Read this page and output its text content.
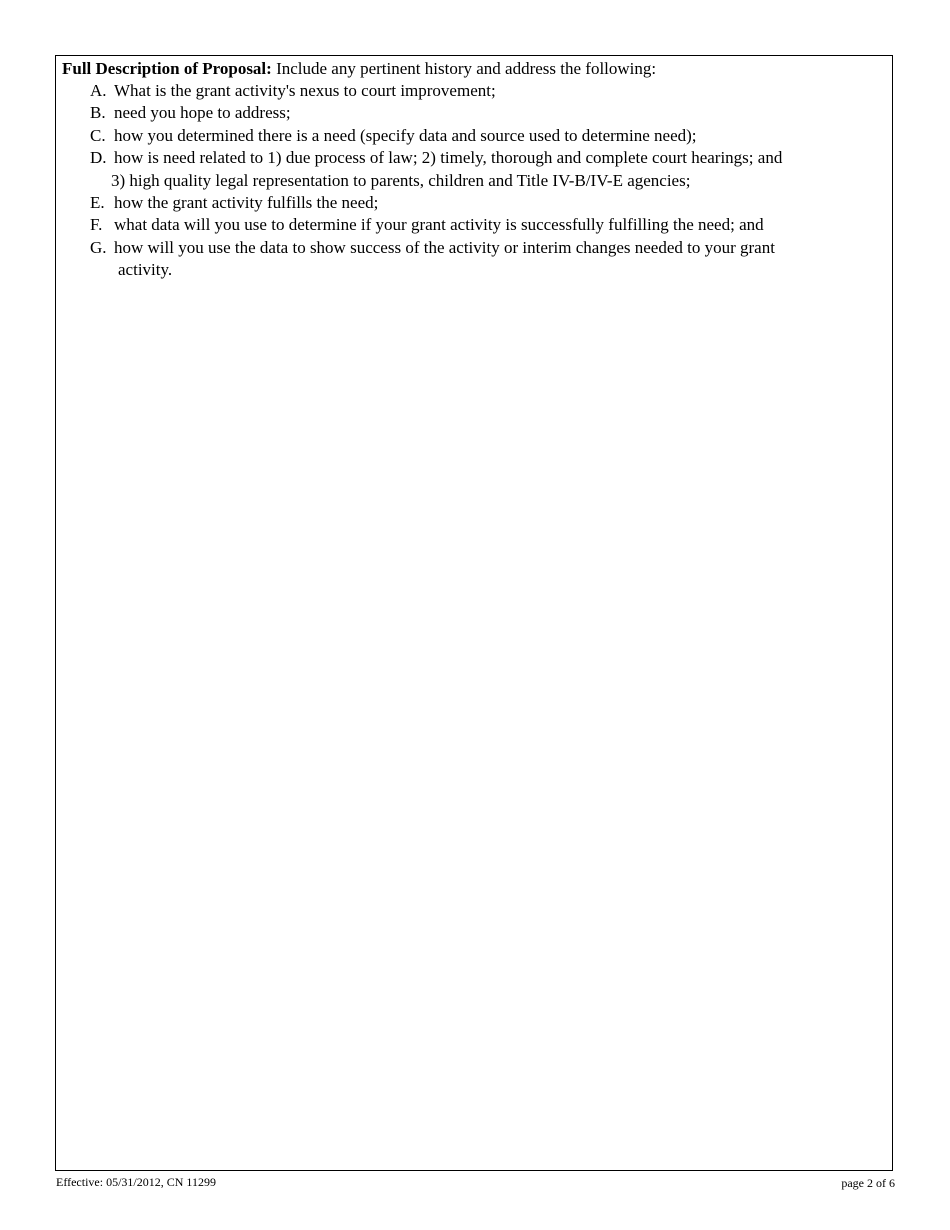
Full Description of Proposal: Include any pertinent history and address the following:

A. What is the grant activity's nexus to court improvement;
B. need you hope to address;
C. how you determined there is a need (specify data and source used to determine need);
D. how is need related to 1) due process of law; 2) timely, thorough and complete court hearings; and
3) high quality legal representation to parents, children and Title IV-B/IV-E agencies;
E. how the grant activity fulfills the need;
F. what data will you use to determine if your grant activity is successfully fulfilling the need; and
G. how will you use the data to show success of the activity or interim changes needed to your grant
activity.
Effective: 05/31/2012, CN 11299	page 2 of 6
